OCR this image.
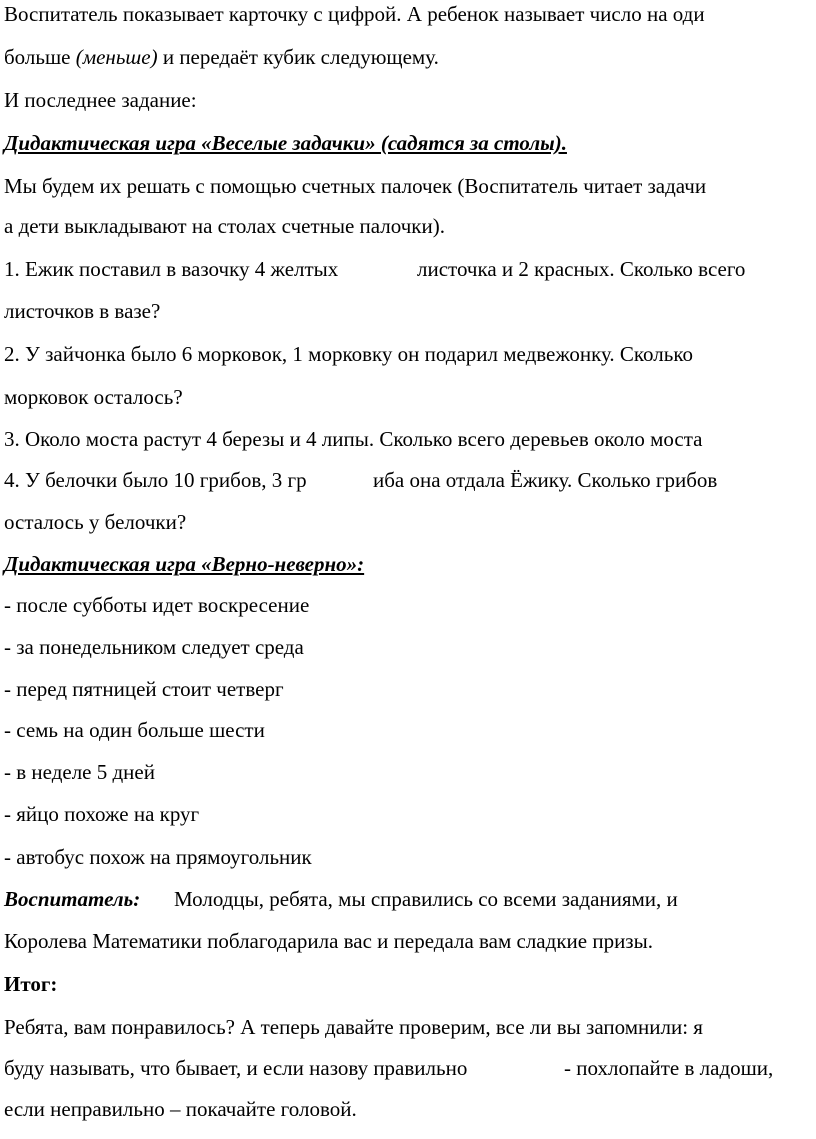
Воспитатель показывает карточку с цифрой. А ребенок называет число на оди
больше (меньше) и передаёт кубик следующему.
И последнее задание:
Дидактическая игра «Веселые задачки» (садятся за столы).
Мы будем их решать с помощью счетных палочек (Воспитатель читает задачи
а дети выкладывают на столах счетные палочки).
1. Ежик поставил в вазочку 4 желтых	листочка и 2 красных. Сколько всего
листочков в вазе?
2. У зайчонка было 6 морковок, 1 морковку он подарил медвежонку. Сколько
морковок осталось?
3. Около моста растут 4 березы и 4 липы. Сколько всего деревьев около моста
4. У белочки было 10 грибов, 3 гр	иба она отдала Ёжику. Сколько грибов
осталось у белочки?
Дидактическая игра «Верно-неверно»:
- после субботы идет воскресение
- за понедельником следует среда
- перед пятницей стоит четверг
- семь на один больше шести
- в неделе 5 дней
- яйцо похоже на круг
- автобус похож на прямоугольник
Воспитатель: Молодцы, ребята, мы справились со всеми заданиями, и
Королева Математики поблагодарила вас и передала вам сладкие призы.
Итог:
Ребята, вам понравилось? А теперь давайте проверим, все ли вы запомнили: я
буду называть, что бывает, и если назову правильно	- похлопайте в ладоши,
если неправильно – покачайте головой.
